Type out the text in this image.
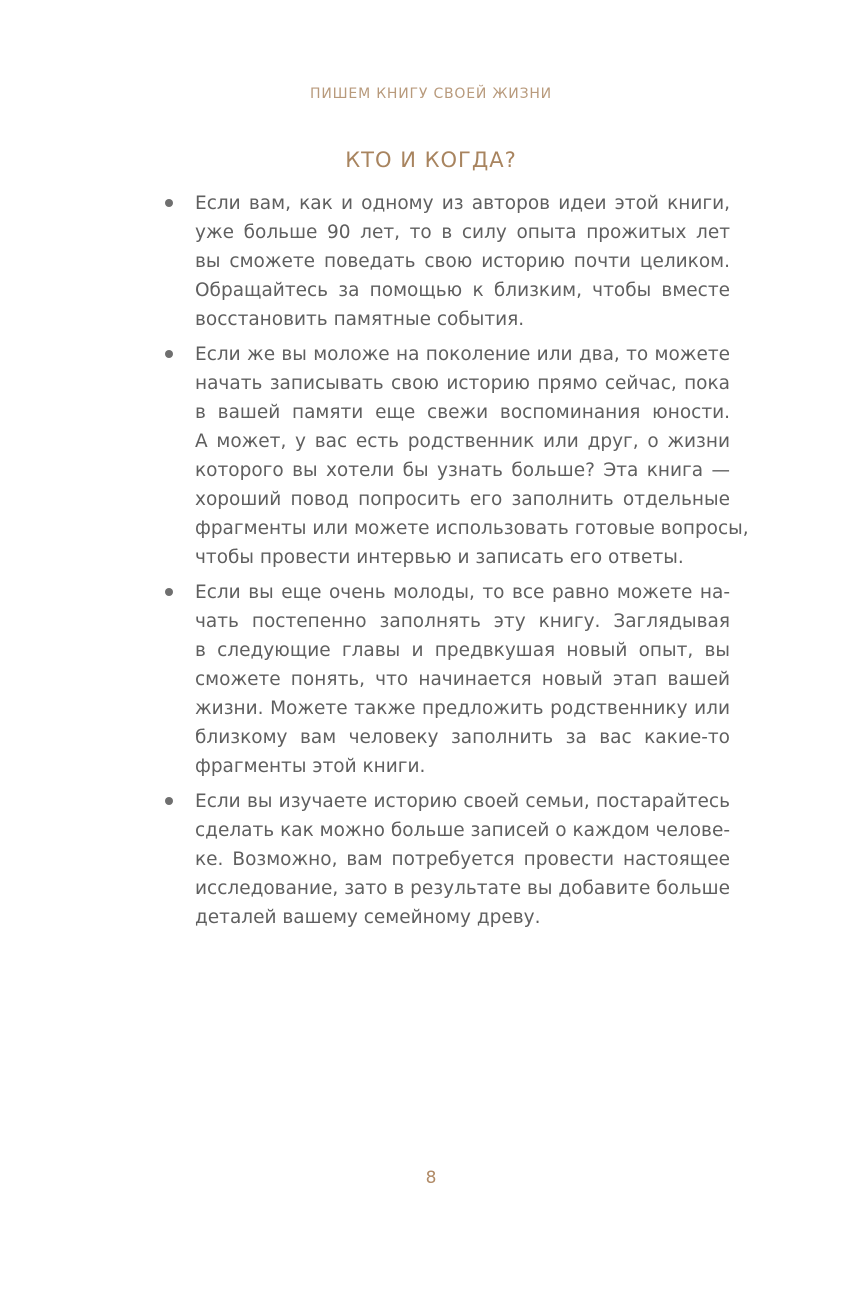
ПИШЕМ КНИГУ СВОЕЙ ЖИЗНИ
КТО И КОГДА?
Если вам, как и одному из авторов идеи этой книги,
уже больше 90 лет, то в силу опыта прожитых лет
вы сможете поведать свою историю почти целиком.
Обращайтесь за помощью к близким, чтобы вместе
восстановить памятные события.
Если же вы моложе на поколение или два, то можете
начать записывать свою историю прямо сейчас, пока
в вашей памяти еще свежи воспоминания юности.
А может, у вас есть родственник или друг, о жизни
которого вы хотели бы узнать больше? Эта книга —
хороший повод попросить его заполнить отдельные
фрагменты или можете использовать готовые вопросы,
чтобы провести интервью и записать его ответы.
Если вы еще очень молоды, то все равно можете на-
чать постепенно заполнять эту книгу. Заглядывая
в следующие главы и предвкушая новый опыт, вы
сможете понять, что начинается новый этап вашей
жизни. Можете также предложить родственнику или
близкому вам человеку заполнить за вас какие-то
фрагменты этой книги.
Если вы изучаете историю своей семьи, постарайтесь
сделать как можно больше записей о каждом челове-
ке. Возможно, вам потребуется провести настоящее
исследование, зато в результате вы добавите больше
деталей вашему семейному древу.
8
